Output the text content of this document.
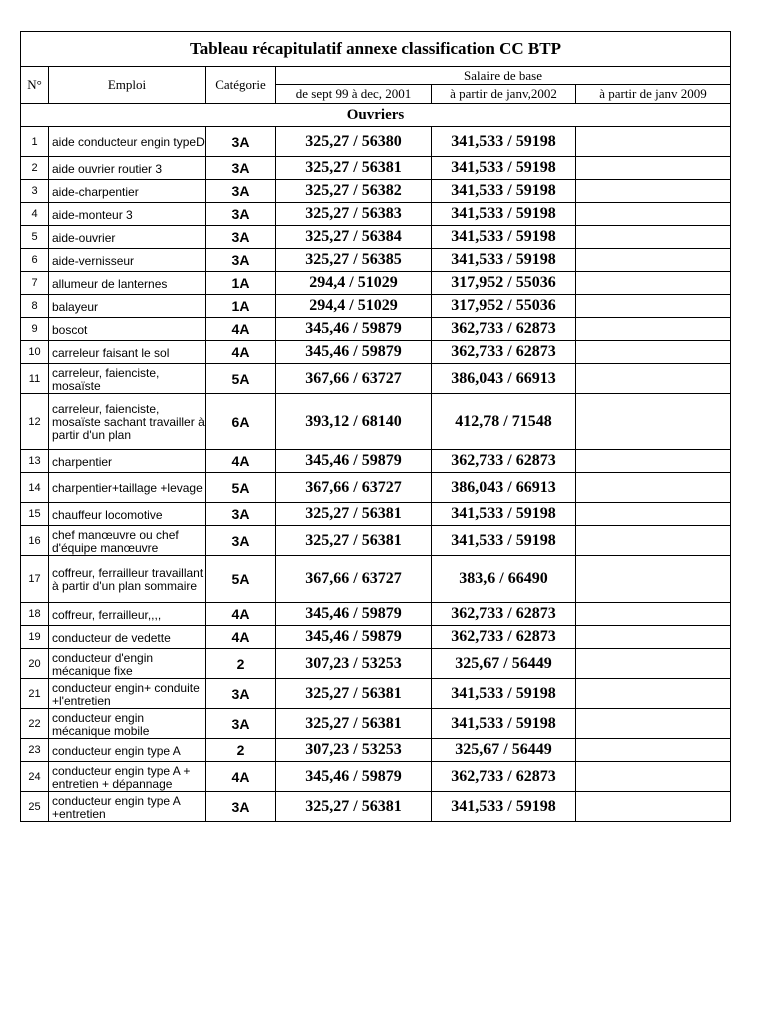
Tableau récapitulatif annexe classification CC BTP					
N°	Emploi	Catégorie	Salaire de base		
			de sept 99 à dec, 2001	à partir de janv,2002	à partir de janv 2009
Ouvriers					
1	aide conducteur engin typeD	3A	325,27 / 56380	341,533 / 59198	
2	aide ouvrier routier 3	3A	325,27 / 56381	341,533 / 59198	
3	aide-charpentier	3A	325,27 / 56382	341,533 / 59198	
4	aide-monteur 3	3A	325,27 / 56383	341,533 / 59198	
5	aide-ouvrier	3A	325,27 / 56384	341,533 / 59198	
6	aide-vernisseur	3A	325,27 / 56385	341,533 / 59198	
7	allumeur de lanternes	1A	294,4 / 51029	317,952 / 55036	
8	balayeur	1A	294,4 / 51029	317,952 / 55036	
9	boscot	4A	345,46 / 59879	362,733 / 62873	
10	carreleur faisant le sol	4A	345,46 / 59879	362,733 / 62873	
11	carreleur, faienciste, mosaïste	5A	367,66 / 63727	386,043 / 66913	
12	carreleur, faienciste, mosaïste sachant travailler à partir d'un plan	6A	393,12 / 68140	412,78 / 71548	
13	charpentier	4A	345,46 / 59879	362,733 / 62873	
14	charpentier+taillage +levage	5A	367,66 / 63727	386,043 / 66913	
15	chauffeur locomotive	3A	325,27 / 56381	341,533 / 59198	
16	chef manœuvre ou chef d'équipe manœuvre	3A	325,27 / 56381	341,533 / 59198	
17	coffreur, ferrailleur travaillant à partir d'un plan sommaire	5A	367,66 / 63727	383,6 / 66490	
18	coffreur, ferrailleur,,,,	4A	345,46 / 59879	362,733 / 62873	
19	conducteur de vedette	4A	345,46 / 59879	362,733 / 62873	
20	conducteur d'engin mécanique fixe	2	307,23 / 53253	325,67 / 56449	
21	conducteur engin+ conduite +l'entretien	3A	325,27 / 56381	341,533 / 59198	
22	conducteur engin mécanique mobile	3A	325,27 / 56381	341,533 / 59198	
23	conducteur engin type A	2	307,23 / 53253	325,67 / 56449	
24	conducteur engin type A + entretien + dépannage	4A	345,46 / 59879	362,733 / 62873	
25	conducteur engin type A +entretien	3A	325,27 / 56381	341,533 / 59198	
